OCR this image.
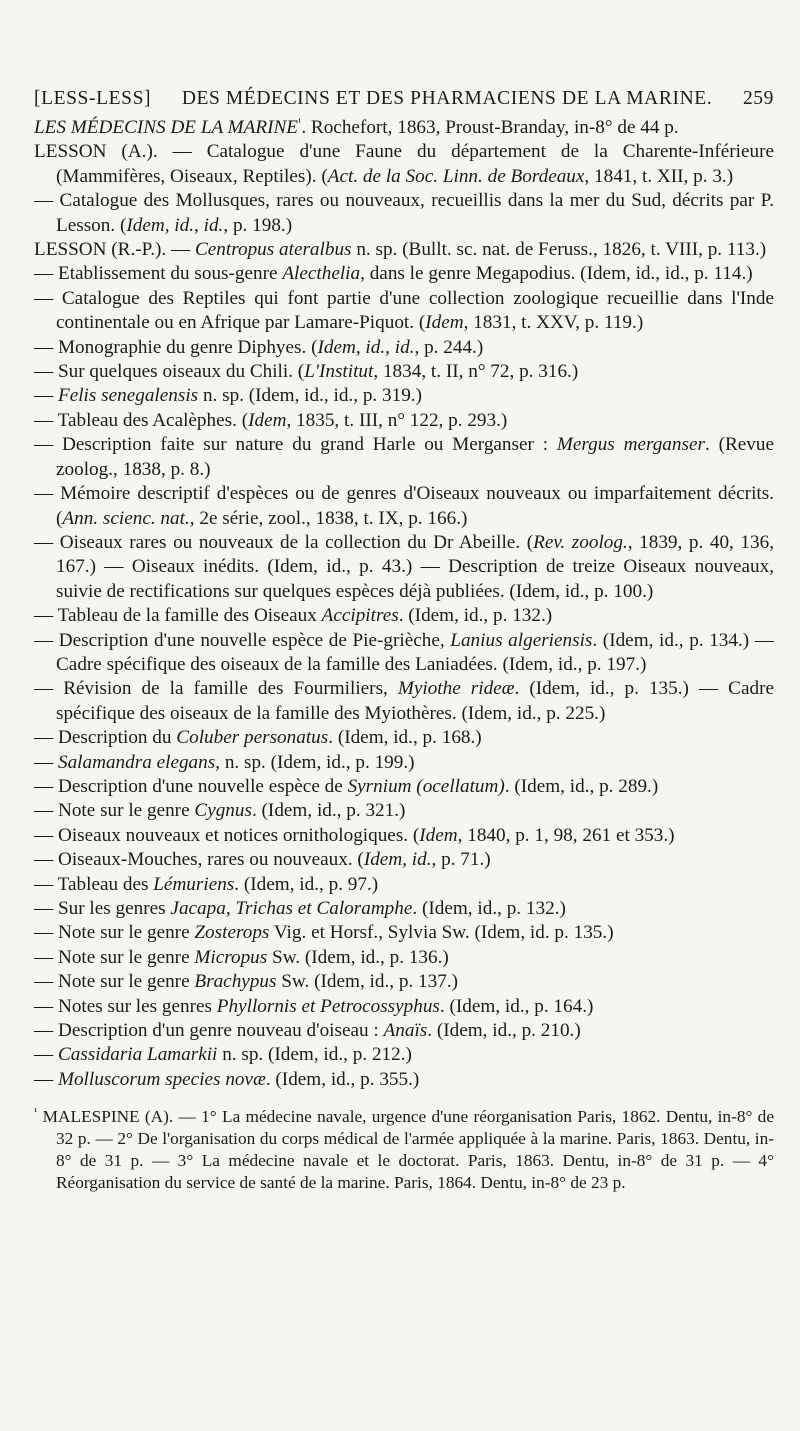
[LESS-LESS] DES MÉDECINS ET DES PHARMACIENS DE LA MARINE. 259

LES MÉDECINS DE LA $MARINE^{^1}$. Rochefort, 1863, Proust-Branday, in-8° de 44 p.

LESSON (A.). — Catalogue d'une Faune du département de la Charente-Inférieure (Mammifères, Oiseaux, Reptiles). (Act. de la Soc. Linn. de Bordeaux, 1841, t. XII, p. 3.)

— Catalogue des Mollusques, rares ou nouveaux, recueillis dans la mer du Sud, décrits par P. Lesson. (Idem, id., id., p. 198.)

LESSON (R.-P.). — Centropus ateralbus n. sp. (Bullt. sc. nat. de Feruss., 1826, t. VIII, p. 113.)

— Etablissement du sous-genre Alecthelia, dans le genre Megapodius. (Idem, id., id., p. 114.)

— Catalogue des Reptiles qui font partie d'une collection zoologique recueillie dans l'Inde continentale ou en Afrique par Lamare-Piquot. (Idem, 1831, t. XXV, p. 119.)

— Monographie du genre Diphyes. (Idem, id., id., p. 244.)

— Sur quelques oiseaux du Chili. (L'Institut, 1834, t. II, n° 72, p. 316.)

— Felis senegalensis n. sp. (Idem, id., id., p. 319.)

— Tableau des Acalèphes. (Idem, 1835, t. III, n° 122, p. 293.)

— Description faite sur nature du grand Harle ou Merganser : Mergus merganser. (Revue zoolog., 1838, p. 8.)

— Mémoire descriptif d'espèces ou de genres d'Oiseaux nouveaux ou imparfaitement décrits. (Ann. scienc. nat., 2e série, zool., 1838, t. IX, p. 166.)

— Oiseaux rares ou nouveaux de la collection du Dr Abeille. (Rev. zoolog., 1839, p. 40, 136, 167.) — Oiseaux inédits. (Idem, id., p. 43.) — Description de treize Oiseaux nouveaux, suivie de rectifications sur quelques espèces déjà publiées. (Idem, id., p. 100.)

— Tableau de la famille des Oiseaux Accipitres. (Idem, id., p. 132.)

— Description d'une nouvelle espèce de Pie-grièche, Lanius algeriensis. (Idem, id., p. 134.) — Cadre spécifique des oiseaux de la famille des Laniadées. (Idem, id., p. 197.)

— Révision de la famille des Fourmiliers, Myiothe rideæ. (Idem, id., p. 135.) — Cadre spécifique des oiseaux de la famille des Myiothères. (Idem, id., p. 225.)

— Description du Coluber personatus. (Idem, id., p. 168.)

— Salamandra elegans, n. sp. (Idem, id., p. 199.)

— Description d'une nouvelle espèce de Syrnium (ocellatum). (Idem, id., p. 289.)

— Note sur le genre Cygnus. (Idem, id., p. 321.)

— Oiseaux nouveaux et notices ornithologiques. (Idem, 1840, p. 1, 98, 261 et 353.)

— Oiseaux-Mouches, rares ou nouveaux. (Idem, id., p. 71.)

— Tableau des Lémuriens. (Idem, id., p. 97.)

— Sur les genres Jacapa, Trichas et Caloramphe. (Idem, id., p. 132.)

— Note sur le genre Zosterops Vig. et Horsf., Sylvia Sw. (Idem, id. p. 135.)

— Note sur le genre Micropus Sw. (Idem, id., p. 136.)

— Note sur le genre Brachypus Sw. (Idem, id., p. 137.)

— Notes sur les genres Phyllornis et Petrocossyphus. (Idem, id., p. 164.)

— Description d'un genre nouveau d'oiseau : Anaïs. (Idem, id., p. 210.)

— Cassidaria Lamarkii n. sp. (Idem, id., p. 212.)

— Molluscorum species novæ. (Idem, id., p. 355.)

$^{^1}$ MALESPINE (A). — 1° La médecine navale, urgence d'une réorganisation Paris, 1862. Dentu, in-8° de 32 p. — 2° De l'organisation du corps médical de l'armée appliquée à la marine. Paris, 1863. Dentu, in-8° de 31 p. — 3° La médecine navale et le doctorat. Paris, 1863. Dentu, in-8° de 31 p. — 4° Réorganisation du service de santé de la marine. Paris, 1864. Dentu, in-8° de 23 p.
